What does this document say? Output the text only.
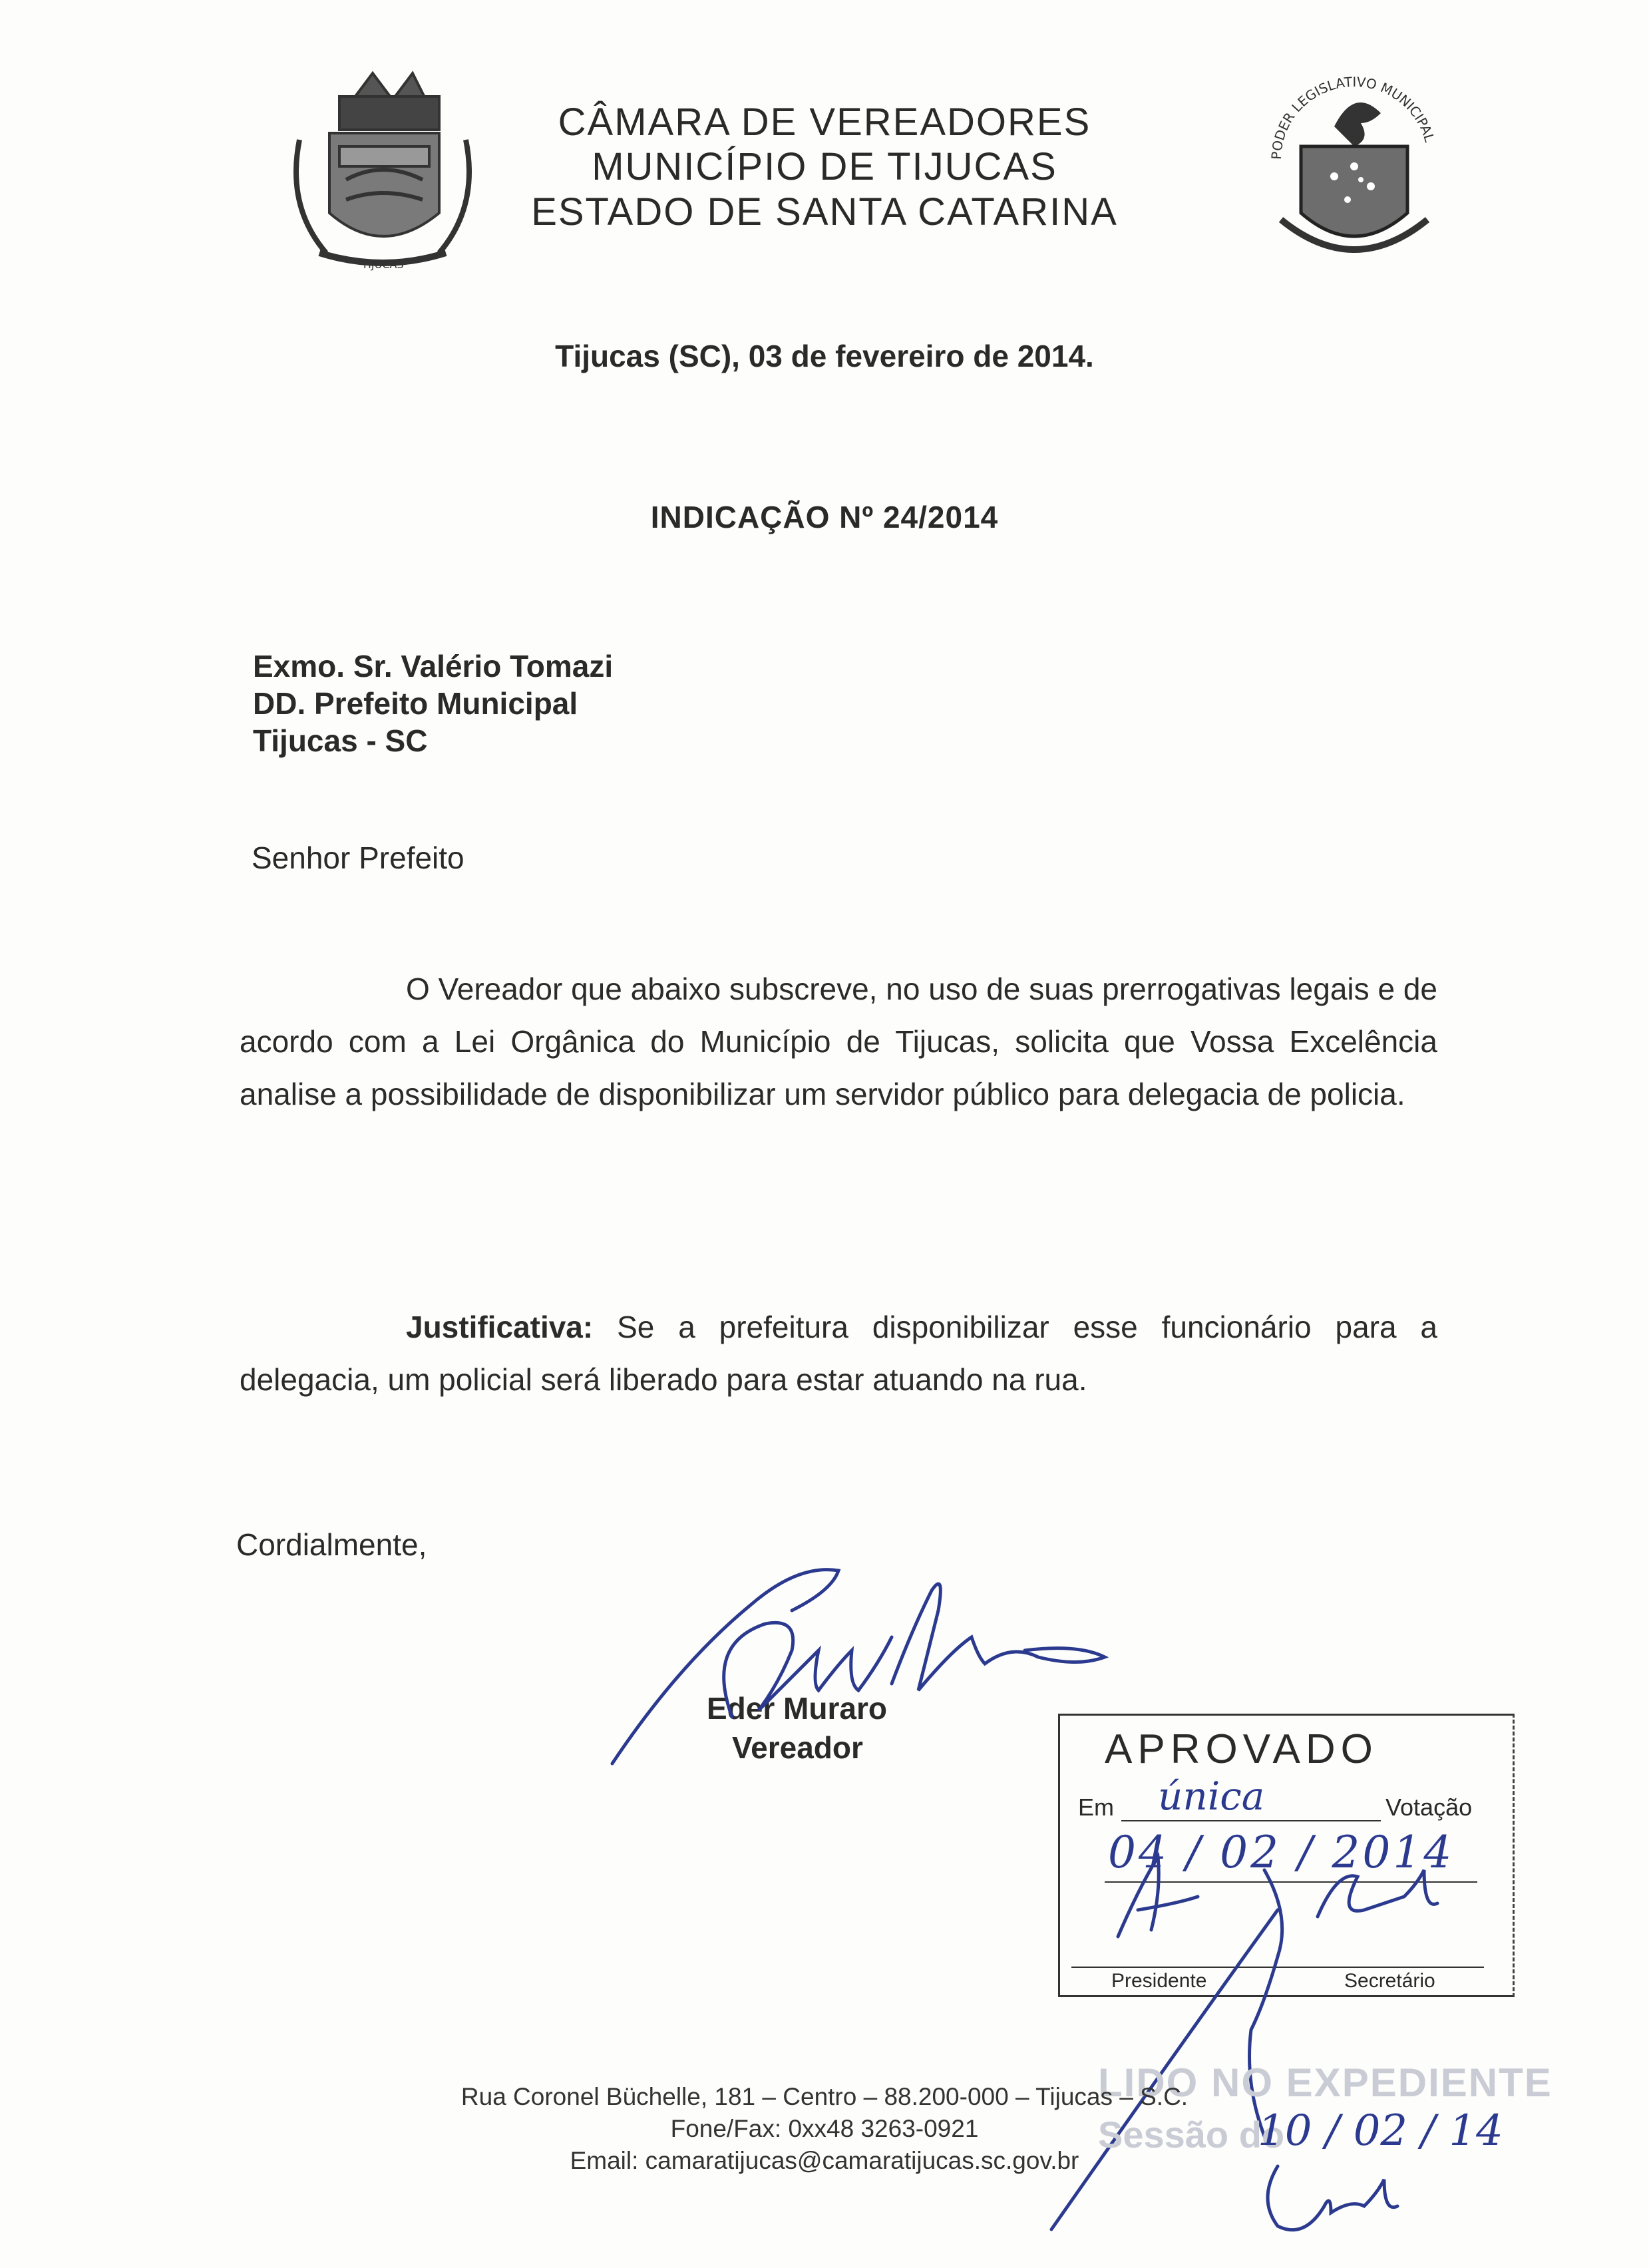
TIJUCAS
CÂMARA DE VEREADORES
MUNICÍPIO DE TIJUCAS
ESTADO DE SANTA CATARINA
PODER LEGISLATIVO MUNICIPAL
Tijucas (SC), 03 de fevereiro de 2014.
INDICAÇÃO Nº 24/2014
Exmo. Sr. Valério Tomazi
DD. Prefeito Municipal
Tijucas - SC
Senhor Prefeito
O Vereador que abaixo subscreve, no uso de suas prerrogativas legais e de acordo com a Lei Orgânica do Município de Tijucas, solicita que Vossa Excelência analise a possibilidade de disponibilizar um servidor público para delegacia de policia.
Justificativa: Se a prefeitura disponibilizar esse funcionário para a delegacia, um policial será liberado para estar atuando na rua.
Cordialmente,
Eder Muraro
Vereador	APROVADO
Em única	Votação
04 / 02 / 2014
Presidente	Secretário
LIDO NO EXPEDIENTE
Sessão do
10 / 02 / 14
Rua Coronel Büchelle, 181 – Centro – 88.200-000 – Tijucas – S.C.
Fone/Fax: 0xx48 3263-0921
Email: camaratijucas@camaratijucas.sc.gov.br
